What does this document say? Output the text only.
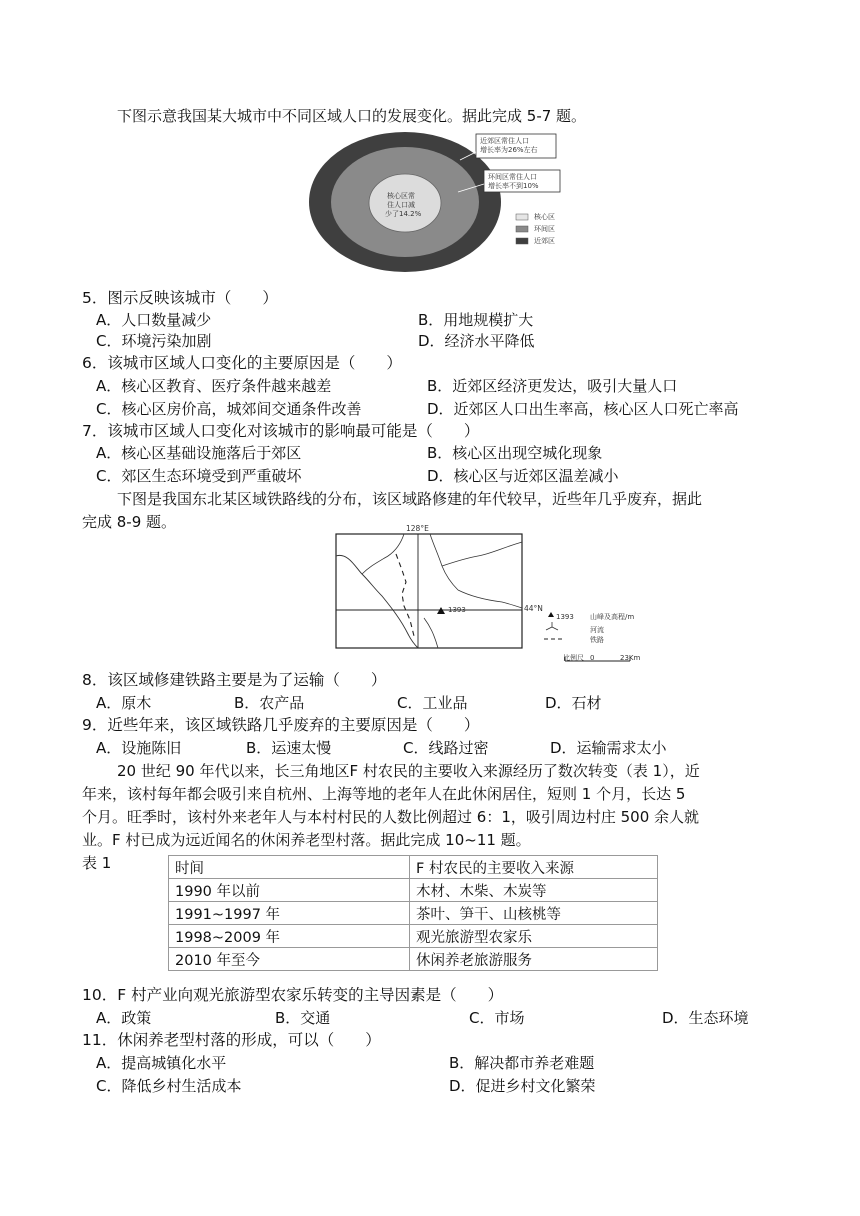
下图示意我国某大城市中不同区域人口的发展变化。据此完成 5-7 题。
近郊区常住人口
增长率为26%左右
环间区常住人口
增长率不到10%
核心区常
住人口减
少了14.2%	核心区
环间区
近郊区
5．图示反映该城市（　　）
A．人口数量减少	B．用地规模扩大
C．环境污染加剧	D．经济水平降低
6．该城市区域人口变化的主要原因是（　　）
A．核心区教育、医疗条件越来越差	B．近郊区经济更发达，吸引大量人口
C．核心区房价高，城郊间交通条件改善	D．近郊区人口出生率高，核心区人口死亡率高
7．该城市区域人口变化对该城市的影响最可能是（　　）
A．核心区基础设施落后于郊区	B．核心区出现空城化现象
C．郊区生态环境受到严重破坏	D．核心区与近郊区温差减小
下图是我国东北某区域铁路线的分布，该区域路修建的年代较早，近些年几乎废弃，据此
完成 8-9 题。	128°E
44°N
1393
1393 山峰及高程/m
河流
铁路
比例尺 0	23Km
8．该区域修建铁路主要是为了运输（　　）
A．原木	B．农产品	C．工业品	D．石材
9．近些年来，该区域铁路几乎废弃的主要原因是（　　）
A．设施陈旧	B．运速太慢	C．线路过密	D．运输需求太小
20 世纪 90 年代以来，长三角地区F 村农民的主要收入来源经历了数次转变（表 1），近
年来，该村每年都会吸引来自杭州、上海等地的老年人在此休闲居住，短则 1 个月，长达 5
个月。旺季时，该村外来老年人与本村村民的人数比例超过 6：1，吸引周边村庄 500 余人就
业。F 村已成为远近闻名的休闲养老型村落。据此完成 10~11 题。
表 1	时间	F 村农民的主要收入来源
1990 年以前	木材、木柴、木炭等
1991~1997 年	茶叶、笋干、山核桃等
1998~2009 年	观光旅游型农家乐
2010 年至今	休闲养老旅游服务
10．F 村产业向观光旅游型农家乐转变的主导因素是（　　）
A．政策	B．交通	C．市场	D．生态环境
11．休闲养老型村落的形成，可以（　　）
A．提高城镇化水平	B．解决都市养老难题
C．降低乡村生活成本	D．促进乡村文化繁荣
